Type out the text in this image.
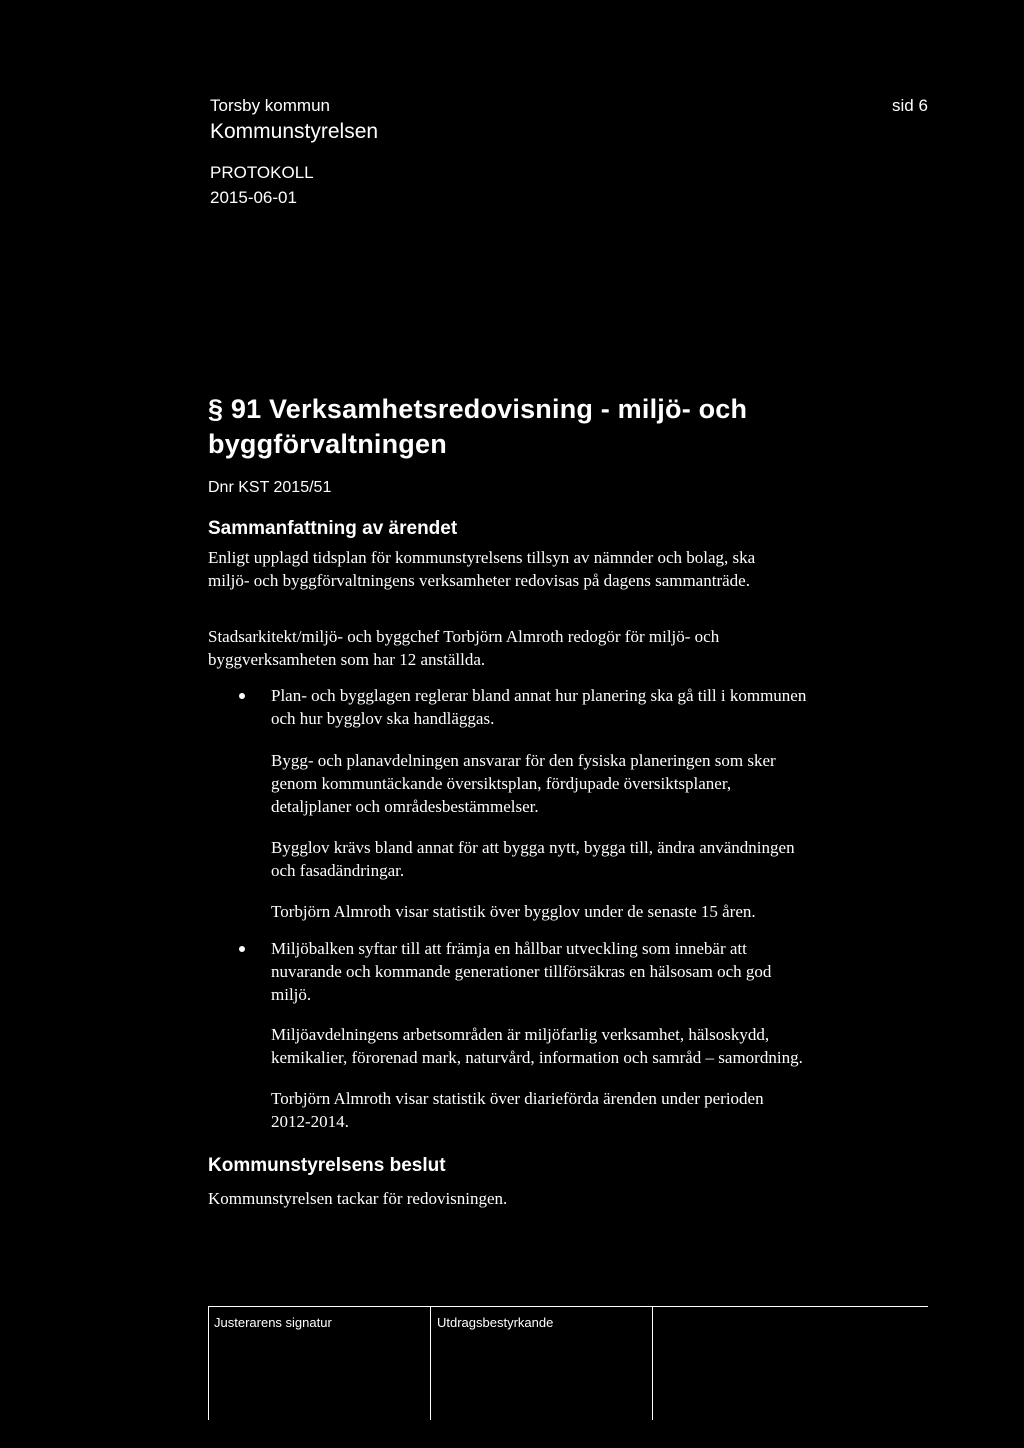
Torsby kommun
Kommunstyrelsen
PROTOKOLL
2015-06-01
sid 6
§ 91 Verksamhetsredovisning - miljö- och
byggförvaltningen
Dnr KST 2015/51
Sammanfattning av ärendet

Enligt upplagd tidsplan för kommunstyrelsens tillsyn av nämnder och bolag, ska

miljö- och byggförvaltningens verksamheter redovisas på dagens sammanträde.

Stadsarkitekt/miljö- och byggchef Torbjörn Almroth redogör för miljö- och

byggverksamheten som har 12 anställda.

Plan- och bygglagen reglerar bland annat hur planering ska gå till i kommunen

och hur bygglov ska handläggas.

Bygg- och planavdelningen ansvarar för den fysiska planeringen som sker

genom kommuntäckande översiktsplan, fördjupade översiktsplaner,

detaljplaner och områdesbestämmelser.

Bygglov krävs bland annat för att bygga nytt, bygga till, ändra användningen

och fasadändringar.

Torbjörn Almroth visar statistik över bygglov under de senaste 15 åren.

Miljöbalken syftar till att främja en hållbar utveckling som innebär att

nuvarande och kommande generationer tillförsäkras en hälsosam och god

miljö.

Miljöavdelningens arbetsområden är miljöfarlig verksamhet, hälsoskydd,

kemikalier, förorenad mark, naturvård, information och samråd – samordning.

Torbjörn Almroth visar statistik över diarieförda ärenden under perioden

2012-2014.

Kommunstyrelsens beslut
Kommunstyrelsen tackar för redovisningen.
Justerarens signatur	Utdragsbestyrkande
